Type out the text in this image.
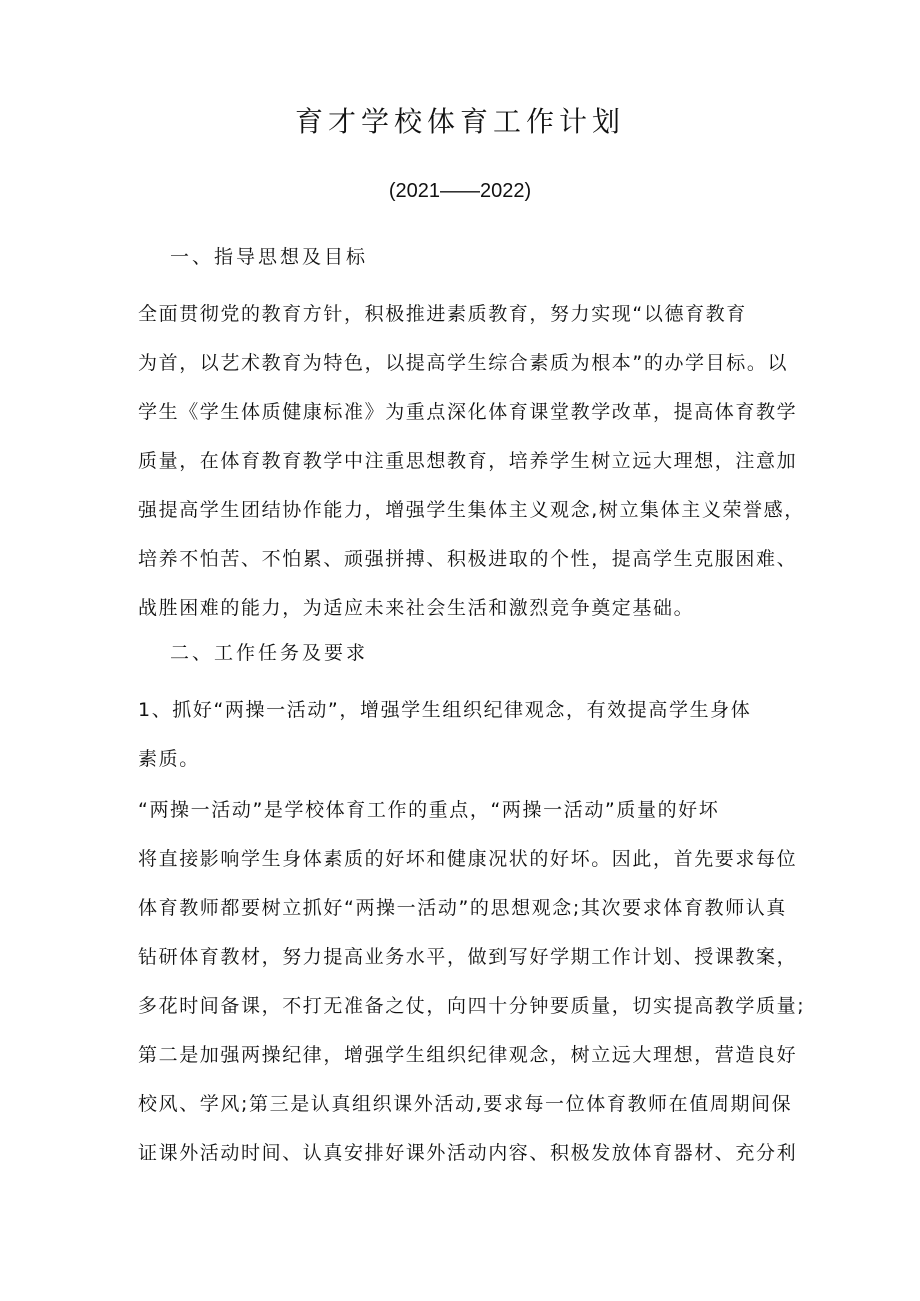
育才学校体育工作计划
(2021——2022)
一、指导思想及目标
全面贯彻党的教育方针，积极推进素质教育，努力实现“以德育教育
为首，以艺术教育为特色，以提高学生综合素质为根本”的办学目标。以
学生《学生体质健康标准》为重点深化体育课堂教学改革，提高体育教学
质量，在体育教育教学中注重思想教育，培养学生树立远大理想，注意加
强提高学生团结协作能力，增强学生集体主义观念,树立集体主义荣誉感，
培养不怕苦、不怕累、顽强拼搏、积极进取的个性，提高学生克服困难、
战胜困难的能力，为适应未来社会生活和激烈竞争奠定基础。
二、工作任务及要求
1、抓好“两操一活动”，增强学生组织纪律观念，有效提高学生身体
素质。
“两操一活动”是学校体育工作的重点，“两操一活动”质量的好坏
将直接影响学生身体素质的好坏和健康况状的好坏。因此，首先要求每位
体育教师都要树立抓好“两操一活动”的思想观念;其次要求体育教师认真
钻研体育教材，努力提高业务水平，做到写好学期工作计划、授课教案，
多花时间备课，不打无准备之仗，向四十分钟要质量，切实提高教学质量;
第二是加强两操纪律，增强学生组织纪律观念，树立远大理想，营造良好
校风、学风;第三是认真组织课外活动,要求每一位体育教师在值周期间保
证课外活动时间、认真安排好课外活动内容、积极发放体育器材、充分利
